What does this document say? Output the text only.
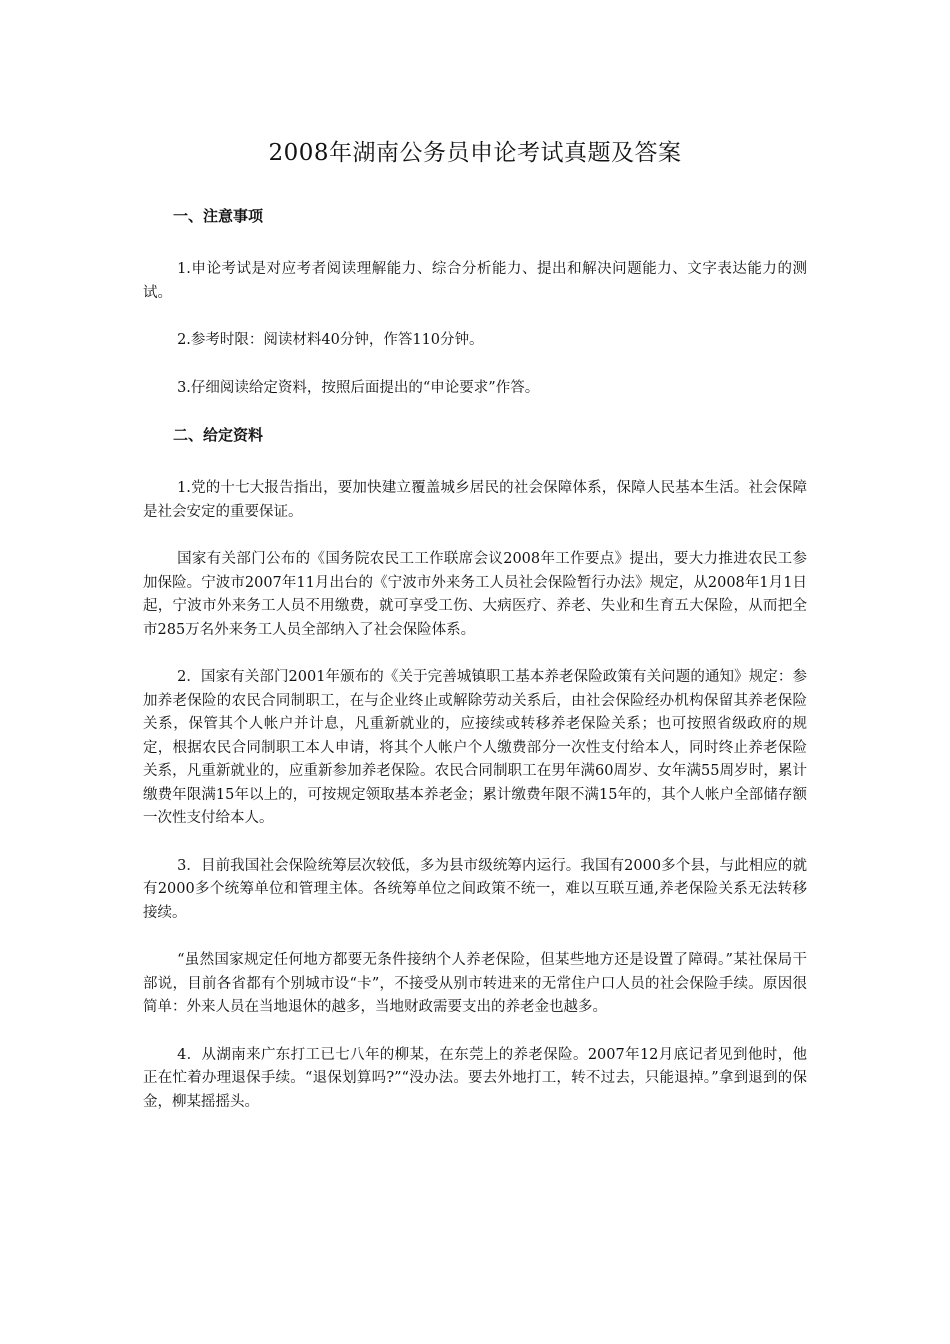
2008年湖南公务员申论考试真题及答案
一、注意事项

1.申论考试是对应考者阅读理解能力、综合分析能力、提出和解决问题能力、文字表达能力的测试。

2.参考时限：阅读材料40分钟，作答110分钟。

3.仔细阅读给定资料，按照后面提出的“申论要求”作答。

二、给定资料

1.党的十七大报告指出，要加快建立覆盖城乡居民的社会保障体系，保障人民基本生活。社会保障是社会安定的重要保证。

国家有关部门公布的《国务院农民工工作联席会议2008年工作要点》提出，要大力推进农民工参加保险。宁波市2007年11月出台的《宁波市外来务工人员社会保险暂行办法》规定，从2008年1月1日起，宁波市外来务工人员不用缴费，就可享受工伤、大病医疗、养老、失业和生育五大保险，从而把全市285万名外来务工人员全部纳入了社会保险体系。

2．国家有关部门2001年颁布的《关于完善城镇职工基本养老保险政策有关问题的通知》规定：参加养老保险的农民合同制职工，在与企业终止或解除劳动关系后，由社会保险经办机构保留其养老保险关系，保管其个人帐户并计息，凡重新就业的，应接续或转移养老保险关系；也可按照省级政府的规定，根据农民合同制职工本人申请，将其个人帐户个人缴费部分一次性支付给本人，同时终止养老保险关系，凡重新就业的，应重新参加养老保险。农民合同制职工在男年满60周岁、女年满55周岁时，累计缴费年限满15年以上的，可按规定领取基本养老金；累计缴费年限不满15年的，其个人帐户全部储存额一次性支付给本人。

3．目前我国社会保险统筹层次较低，多为县市级统筹内运行。我国有2000多个县，与此相应的就有2000多个统筹单位和管理主体。各统筹单位之间政策不统一，难以互联互通,养老保险关系无法转移接续。

“虽然国家规定任何地方都要无条件接纳个人养老保险，但某些地方还是设置了障碍。”某社保局干部说，目前各省都有个别城市设“卡”，不接受从别市转进来的无常住户口人员的社会保险手续。原因很简单：外来人员在当地退休的越多，当地财政需要支出的养老金也越多。

4．从湖南来广东打工已七八年的柳某，在东莞上的养老保险。2007年12月底记者见到他时，他正在忙着办理退保手续。“退保划算吗?”“没办法。要去外地打工，转不过去，只能退掉。”拿到退到的保金，柳某摇摇头。
